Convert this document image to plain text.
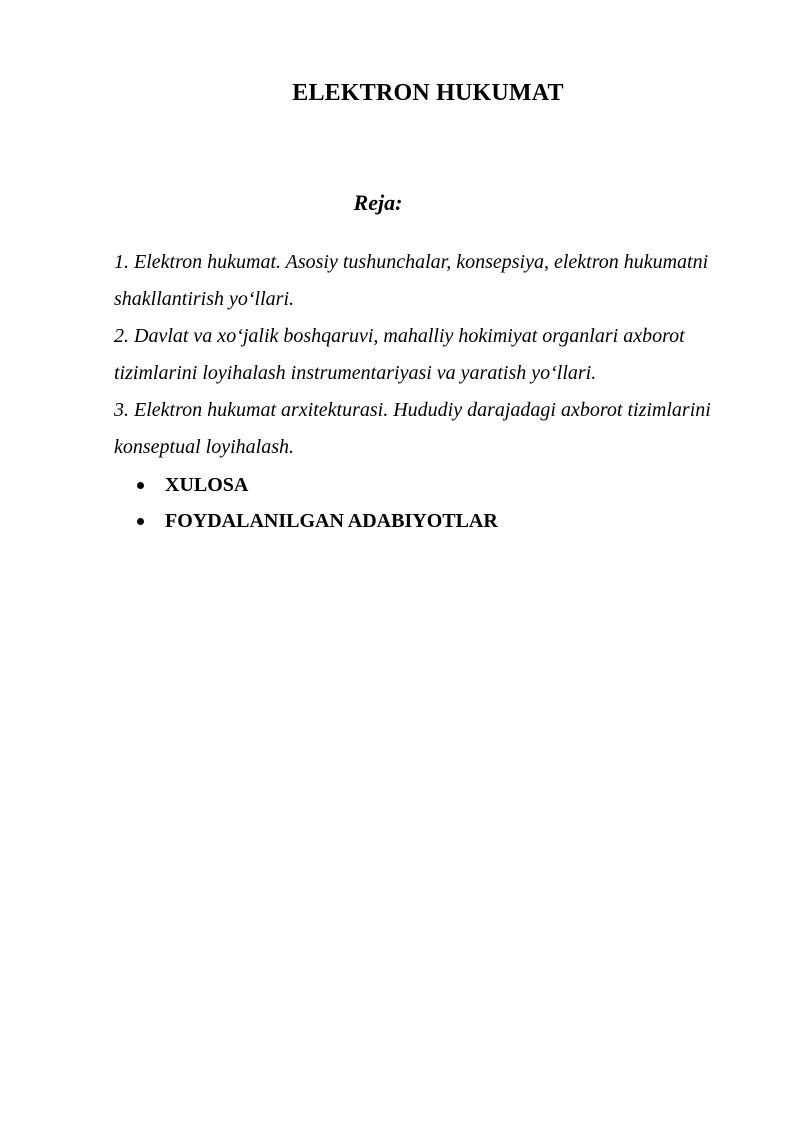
ELEKTRON HUKUMAT
Reja:
1. Elektron hukumat. Asosiy tushunchalar, konsepsiya, elektron hukumatni shakllantirish yo‘llari.
2. Davlat va xo‘jalik boshqaruvi, mahalliy hokimiyat organlari axborot tizimlarini loyihalash instrumentariyasi va yaratish yo‘llari.
3. Elektron hukumat arxitekturasi. Hududiy darajadagi axborot tizimlarini konseptual loyihalash.
XULOSA
FOYDALANILGAN ADABIYOTLAR
